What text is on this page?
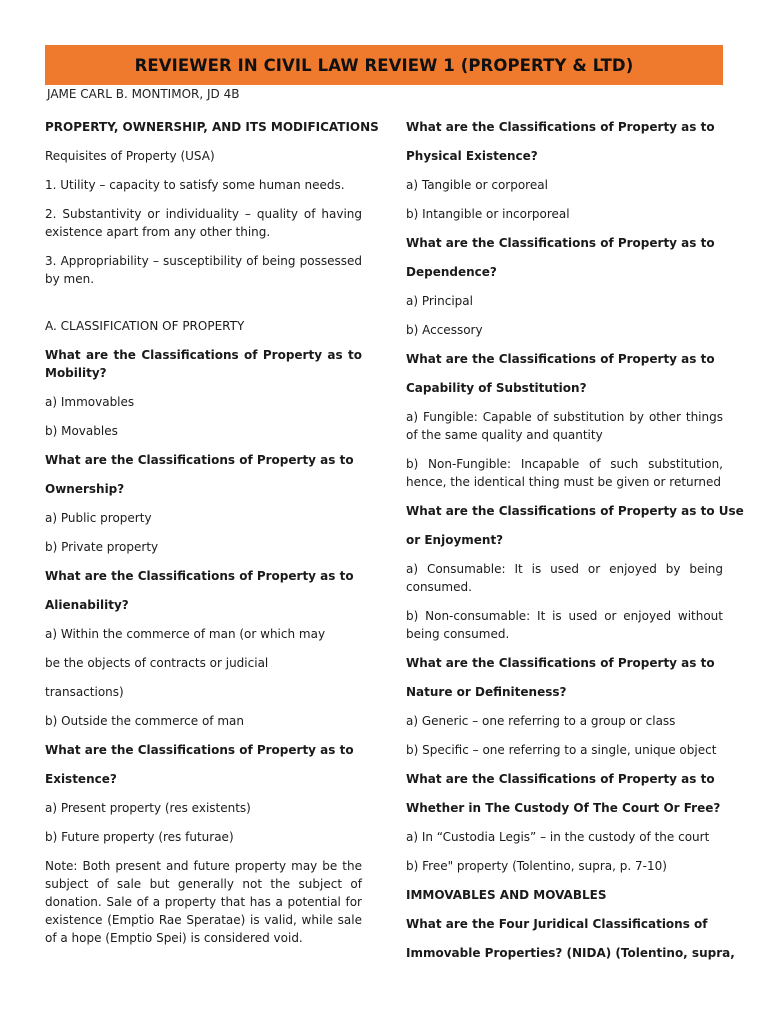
REVIEWER IN CIVIL LAW REVIEW 1 (PROPERTY & LTD)
JAME CARL B. MONTIMOR, JD 4B
PROPERTY, OWNERSHIP, AND ITS MODIFICATIONS
Requisites of Property (USA)
1. Utility – capacity to satisfy some human needs.
2. Substantivity or individuality – quality of having existence apart from any other thing.
3. Appropriability – susceptibility of being possessed by men.
A. CLASSIFICATION OF PROPERTY
What are the Classifications of Property as to Mobility?
a) Immovables
b) Movables
What are the Classifications of Property as to
Ownership?
a) Public property
b) Private property
What are the Classifications of Property as to
Alienability?
a) Within the commerce of man (or which may
be the objects of contracts or judicial
transactions)
b) Outside the commerce of man
What are the Classifications of Property as to
Existence?
a) Present property (res existents)
b) Future property (res futurae)
Note: Both present and future property may be the subject of sale but generally not the subject of donation. Sale of a property that has a potential for existence (Emptio Rae Speratae) is valid, while sale of a hope (Emptio Spei) is considered void.
What are the Classifications of Property as to
Physical Existence?
a) Tangible or corporeal
b) Intangible or incorporeal
What are the Classifications of Property as to
Dependence?
a) Principal
b) Accessory
What are the Classifications of Property as to
Capability of Substitution?
a) Fungible: Capable of substitution by other things of the same quality and quantity
b) Non-Fungible: Incapable of such substitution, hence, the identical thing must be given or returned
What are the Classifications of Property as to Use
or Enjoyment?
a) Consumable: It is used or enjoyed by being consumed.
b) Non-consumable: It is used or enjoyed without being consumed.
What are the Classifications of Property as to
Nature or Definiteness?
a) Generic – one referring to a group or class
b) Specific – one referring to a single, unique object
What are the Classifications of Property as to
Whether in The Custody Of The Court Or Free?
a) In “Custodia Legis” – in the custody of the court
b) Free" property (Tolentino, supra, p. 7-10)
IMMOVABLES AND MOVABLES
What are the Four Juridical Classifications of
Immovable Properties? (NIDA) (Tolentino, supra,
